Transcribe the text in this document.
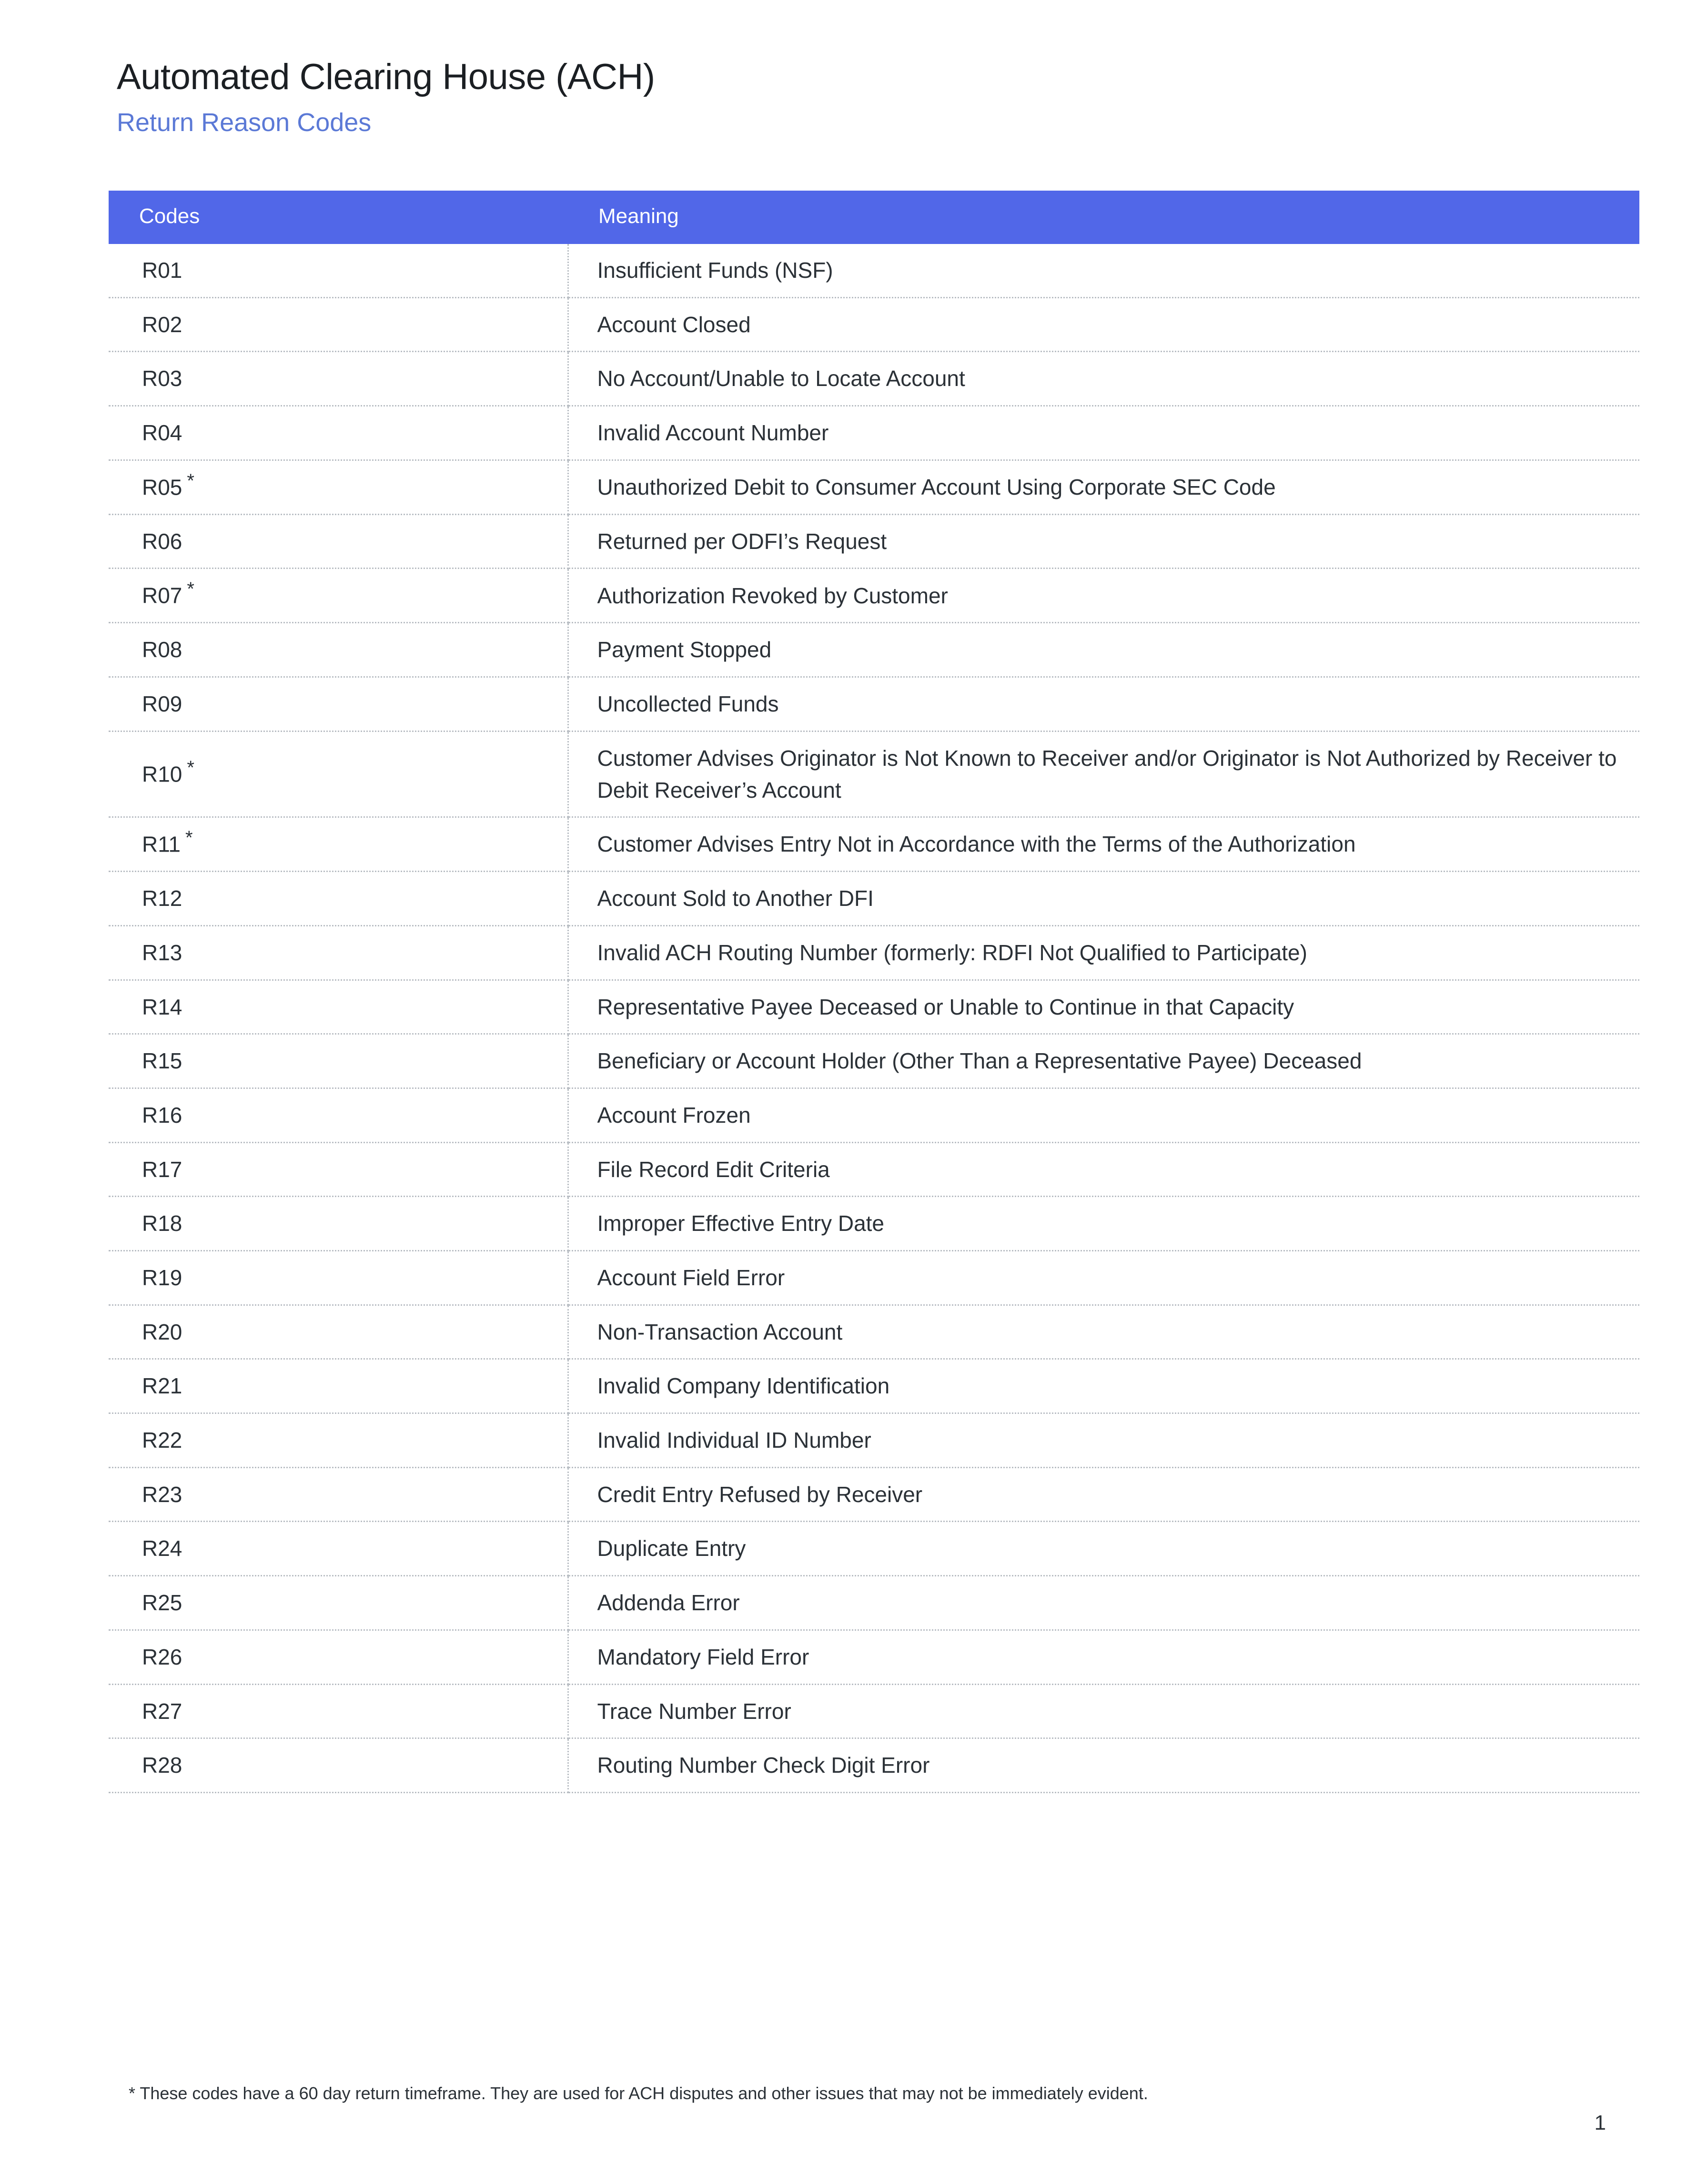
Automated Clearing House (ACH)

Return Reason Codes

Codes	Meaning
R01	Insufficient Funds (NSF)
R02	Account Closed
R03	No Account/Unable to Locate Account
R04	Invalid Account Number
R05 *	Unauthorized Debit to Consumer Account Using Corporate SEC Code
R06	Returned per ODFI’s Request
R07 *	Authorization Revoked by Customer
R08	Payment Stopped
R09	Uncollected Funds
R10 *	Customer Advises Originator is Not Known to Receiver and/or Originator is Not Authorized by Receiver to Debit Receiver’s Account
R11 *	Customer Advises Entry Not in Accordance with the Terms of the Authorization
R12	Account Sold to Another DFI
R13	Invalid ACH Routing Number (formerly: RDFI Not Qualified to Participate)
R14	Representative Payee Deceased or Unable to Continue in that Capacity
R15	Beneficiary or Account Holder (Other Than a Representative Payee) Deceased
R16	Account Frozen
R17	File Record Edit Criteria
R18	Improper Effective Entry Date
R19	Account Field Error
R20	Non-Transaction Account
R21	Invalid Company Identification
R22	Invalid Individual ID Number
R23	Credit Entry Refused by Receiver
R24	Duplicate Entry
R25	Addenda Error
R26	Mandatory Field Error
R27	Trace Number Error
R28	Routing Number Check Digit Error
* These codes have a 60 day return timeframe. They are used for ACH disputes and other issues that may not be immediately evident.
1
